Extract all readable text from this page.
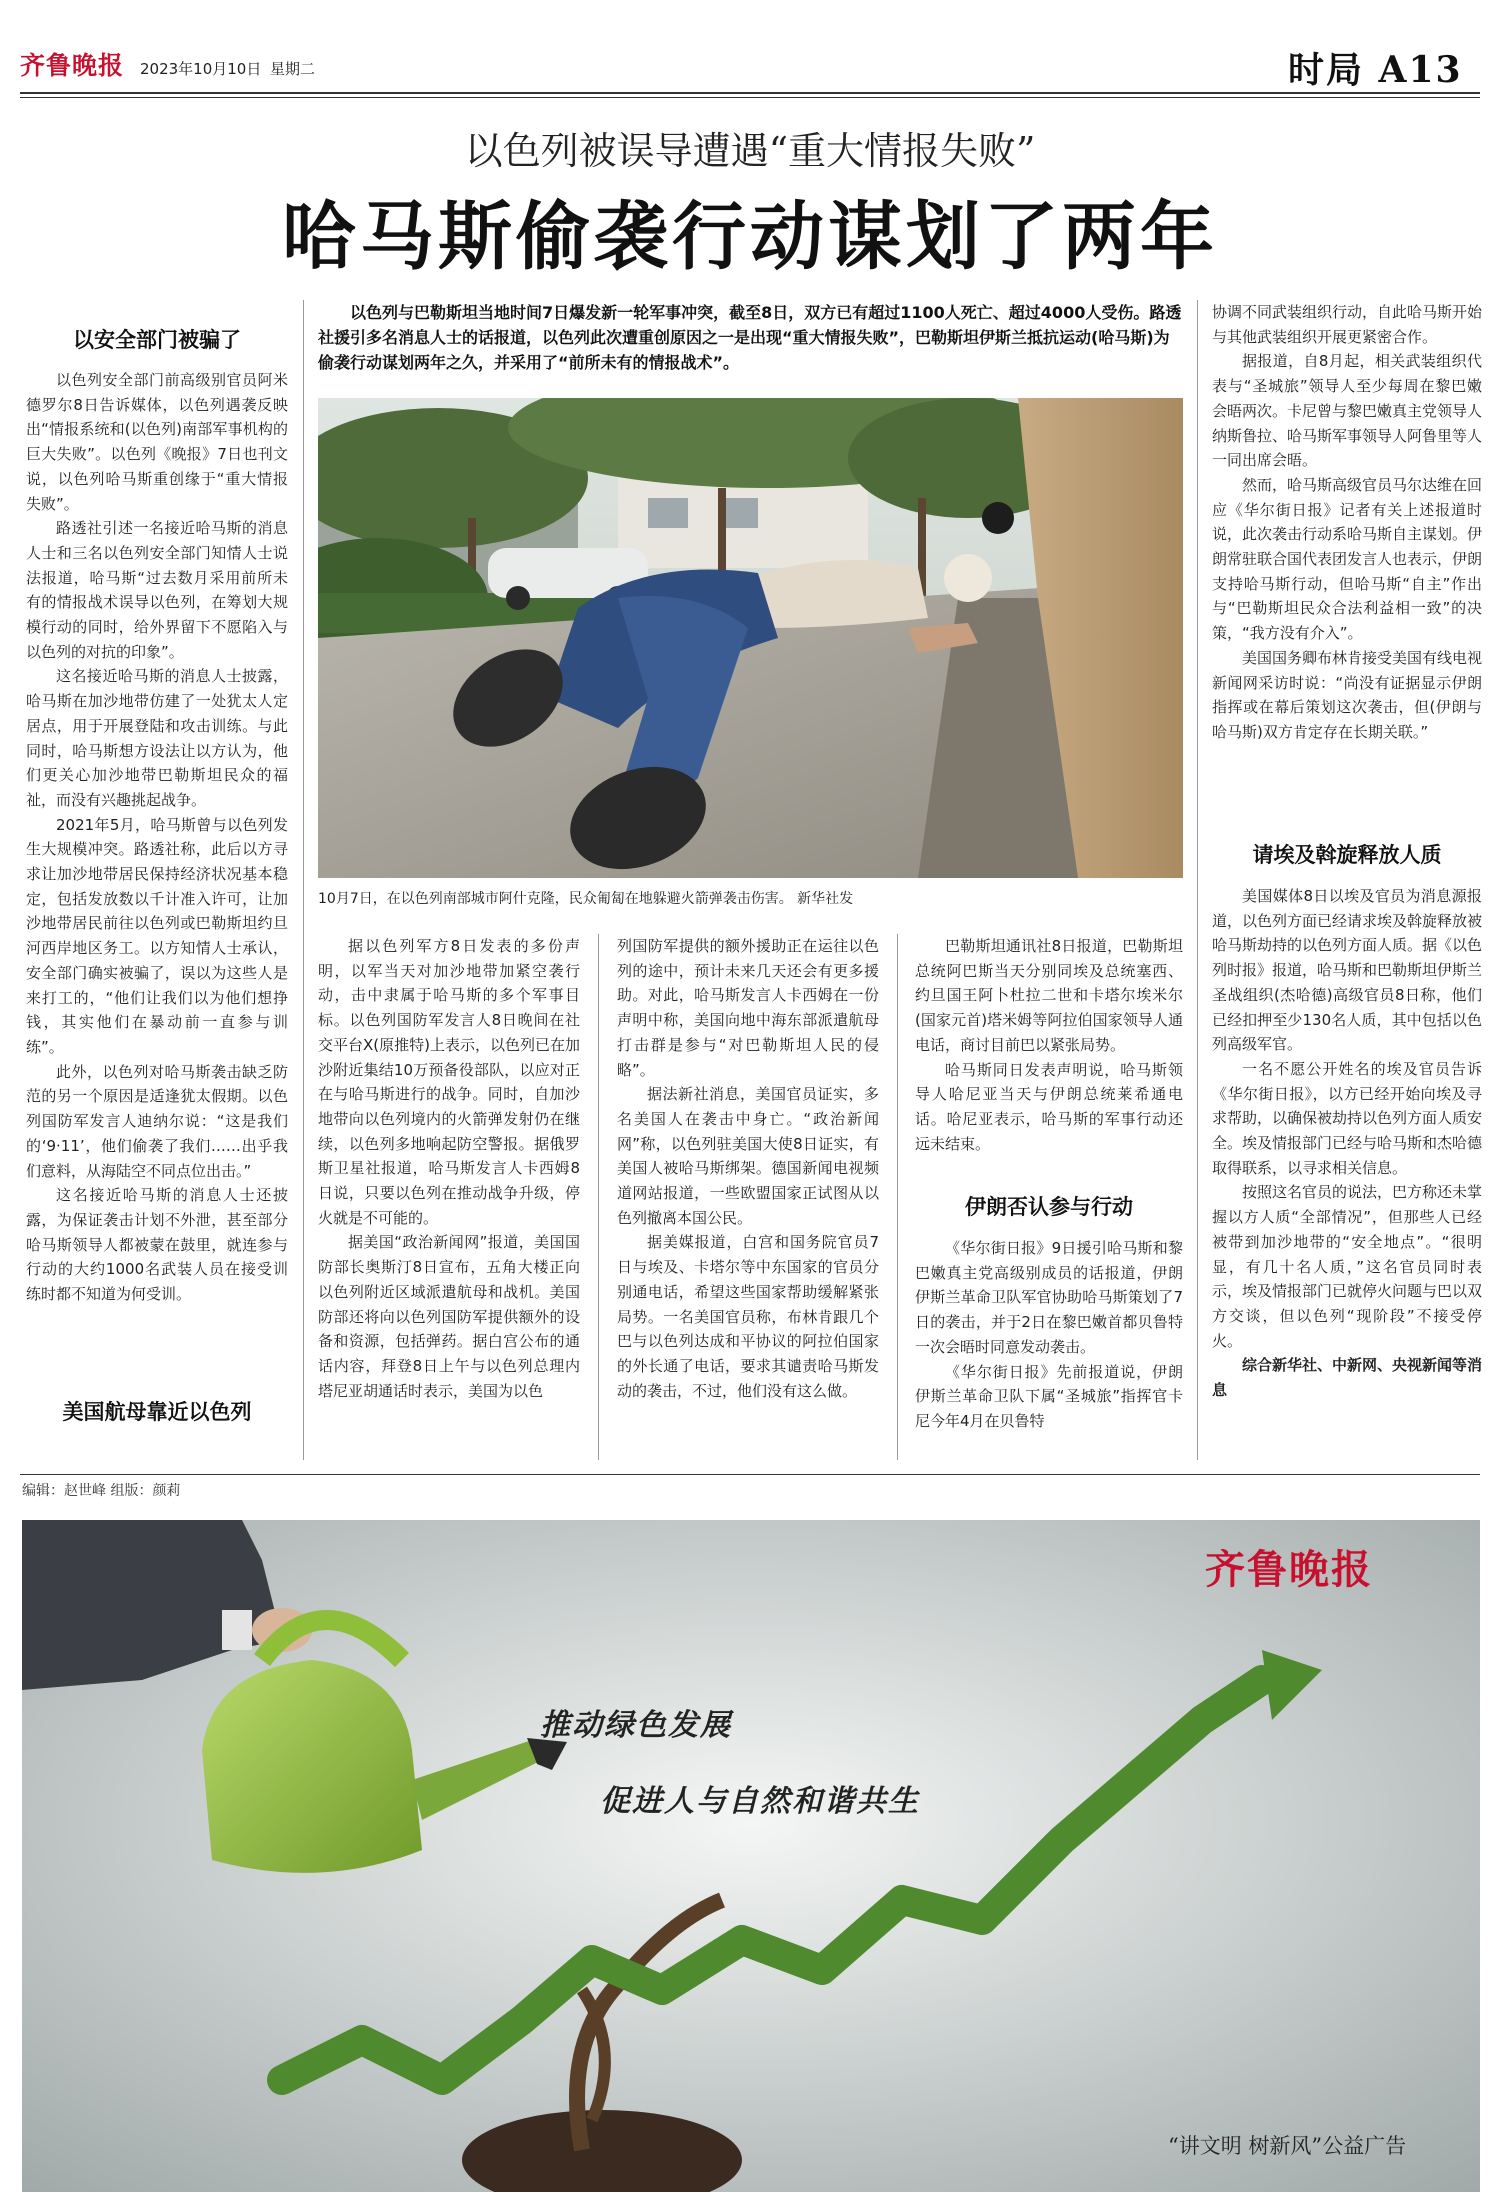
齐鲁晚报	2023年10月10日 星期二	时局 A13
以色列被误导遭遇“重大情报失败”
哈马斯偷袭行动谋划了两年
以色列与巴勒斯坦当地时间7日爆发新一轮军事冲突，截至8日，双方已有超过1100人死亡、超过4000人受伤。路透社援引多名消息人士的话报道，以色列此次遭重创原因之一是出现“重大情报失败”，巴勒斯坦伊斯兰抵抗运动(哈马斯)为偷袭行动谋划两年之久，并采用了“前所未有的情报战术”。
以安全部门被骗了

以色列安全部门前高级别官员阿米德罗尔8日告诉媒体，以色列遇袭反映出“情报系统和(以色列)南部军事机构的巨大失败”。以色列《晚报》7日也刊文说，以色列哈马斯重创缘于“重大情报失败”。

路透社引述一名接近哈马斯的消息人士和三名以色列安全部门知情人士说法报道，哈马斯“过去数月采用前所未有的情报战术误导以色列，在筹划大规模行动的同时，给外界留下不愿陷入与以色列的对抗的印象”。

这名接近哈马斯的消息人士披露，哈马斯在加沙地带仿建了一处犹太人定居点，用于开展登陆和攻击训练。与此同时，哈马斯想方设法让以方认为，他们更关心加沙地带巴勒斯坦民众的福祉，而没有兴趣挑起战争。

2021年5月，哈马斯曾与以色列发生大规模冲突。路透社称，此后以方寻求让加沙地带居民保持经济状况基本稳定，包括发放数以千计准入许可，让加沙地带居民前往以色列或巴勒斯坦约旦河西岸地区务工。以方知情人士承认，安全部门确实被骗了，误以为这些人是来打工的，“他们让我们以为他们想挣钱，其实他们在暴动前一直参与训练”。

此外，以色列对哈马斯袭击缺乏防范的另一个原因是适逢犹太假期。以色列国防军发言人迪纳尔说：“这是我们的‘9·11’，他们偷袭了我们……出乎我们意料，从海陆空不同点位出击。”

这名接近哈马斯的消息人士还披露，为保证袭击计划不外泄，甚至部分哈马斯领导人都被蒙在鼓里，就连参与行动的大约1000名武装人员在接受训练时都不知道为何受训。

美国航母靠近以色列
10月7日，在以色列南部城市阿什克隆，民众匍匐在地躲避火箭弹袭击伤害。 新华社发

据以色列军方8日发表的多份声明，以军当天对加沙地带加紧空袭行动，击中隶属于哈马斯的多个军事目标。以色列国防军发言人8日晚间在社交平台X(原推特)上表示，以色列已在加沙附近集结10万预备役部队，以应对正在与哈马斯进行的战争。同时，自加沙地带向以色列境内的火箭弹发射仍在继续，以色列多地响起防空警报。据俄罗斯卫星社报道，哈马斯发言人卡西姆8日说，只要以色列在推动战争升级，停火就是不可能的。

据美国“政治新闻网”报道，美国国防部长奥斯汀8日宣布，五角大楼正向以色列附近区域派遣航母和战机。美国防部还将向以色列国防军提供额外的设备和资源，包括弹药。据白宫公布的通话内容，拜登8日上午与以色列总理内塔尼亚胡通话时表示，美国为以色

列国防军提供的额外援助正在运往以色列的途中，预计未来几天还会有更多援助。对此，哈马斯发言人卡西姆在一份声明中称，美国向地中海东部派遣航母打击群是参与“对巴勒斯坦人民的侵略”。

据法新社消息，美国官员证实，多名美国人在袭击中身亡。“政治新闻网”称，以色列驻美国大使8日证实，有美国人被哈马斯绑架。德国新闻电视频道网站报道，一些欧盟国家正试图从以色列撤离本国公民。

据美媒报道，白宫和国务院官员7日与埃及、卡塔尔等中东国家的官员分别通电话，希望这些国家帮助缓解紧张局势。一名美国官员称，布林肯跟几个巴与以色列达成和平协议的阿拉伯国家的外长通了电话，要求其谴责哈马斯发动的袭击，不过，他们没有这么做。

巴勒斯坦通讯社8日报道，巴勒斯坦总统阿巴斯当天分别同埃及总统塞西、约旦国王阿卜杜拉二世和卡塔尔埃米尔(国家元首)塔米姆等阿拉伯国家领导人通电话，商讨目前巴以紧张局势。

哈马斯同日发表声明说，哈马斯领导人哈尼亚当天与伊朗总统莱希通电话。哈尼亚表示，哈马斯的军事行动还远未结束。

伊朗否认参与行动

《华尔街日报》9日援引哈马斯和黎巴嫩真主党高级别成员的话报道，伊朗伊斯兰革命卫队军官协助哈马斯策划了7日的袭击，并于2日在黎巴嫩首都贝鲁特一次会晤时同意发动袭击。

《华尔街日报》先前报道说，伊朗伊斯兰革命卫队下属“圣城旅”指挥官卡尼今年4月在贝鲁特

协调不同武装组织行动，自此哈马斯开始与其他武装组织开展更紧密合作。

据报道，自8月起，相关武装组织代表与“圣城旅”领导人至少每周在黎巴嫩会晤两次。卡尼曾与黎巴嫩真主党领导人纳斯鲁拉、哈马斯军事领导人阿鲁里等人一同出席会晤。

然而，哈马斯高级官员马尔达维在回应《华尔街日报》记者有关上述报道时说，此次袭击行动系哈马斯自主谋划。伊朗常驻联合国代表团发言人也表示，伊朗支持哈马斯行动，但哈马斯“自主”作出与“巴勒斯坦民众合法利益相一致”的决策，“我方没有介入”。

美国国务卿布林肯接受美国有线电视新闻网采访时说：“尚没有证据显示伊朗指挥或在幕后策划这次袭击，但(伊朗与哈马斯)双方肯定存在长期关联。”

请埃及斡旋释放人质

美国媒体8日以埃及官员为消息源报道，以色列方面已经请求埃及斡旋释放被哈马斯劫持的以色列方面人质。据《以色列时报》报道，哈马斯和巴勒斯坦伊斯兰圣战组织(杰哈德)高级官员8日称，他们已经扣押至少130名人质，其中包括以色列高级军官。

一名不愿公开姓名的埃及官员告诉《华尔街日报》，以方已经开始向埃及寻求帮助，以确保被劫持以色列方面人质安全。埃及情报部门已经与哈马斯和杰哈德取得联系，以寻求相关信息。

按照这名官员的说法，巴方称还未掌握以方人质“全部情况”，但那些人已经被带到加沙地带的“安全地点”。“很明显，有几十名人质，”这名官员同时表示，埃及情报部门已就停火问题与巴以双方交谈，但以色列“现阶段”不接受停火。

综合新华社、中新网、央视新闻等消息

编辑：赵世峰 组版：颜莉
齐鲁晚报
推动绿色发展
促进人与自然和谐共生
“讲文明 树新风”公益广告
